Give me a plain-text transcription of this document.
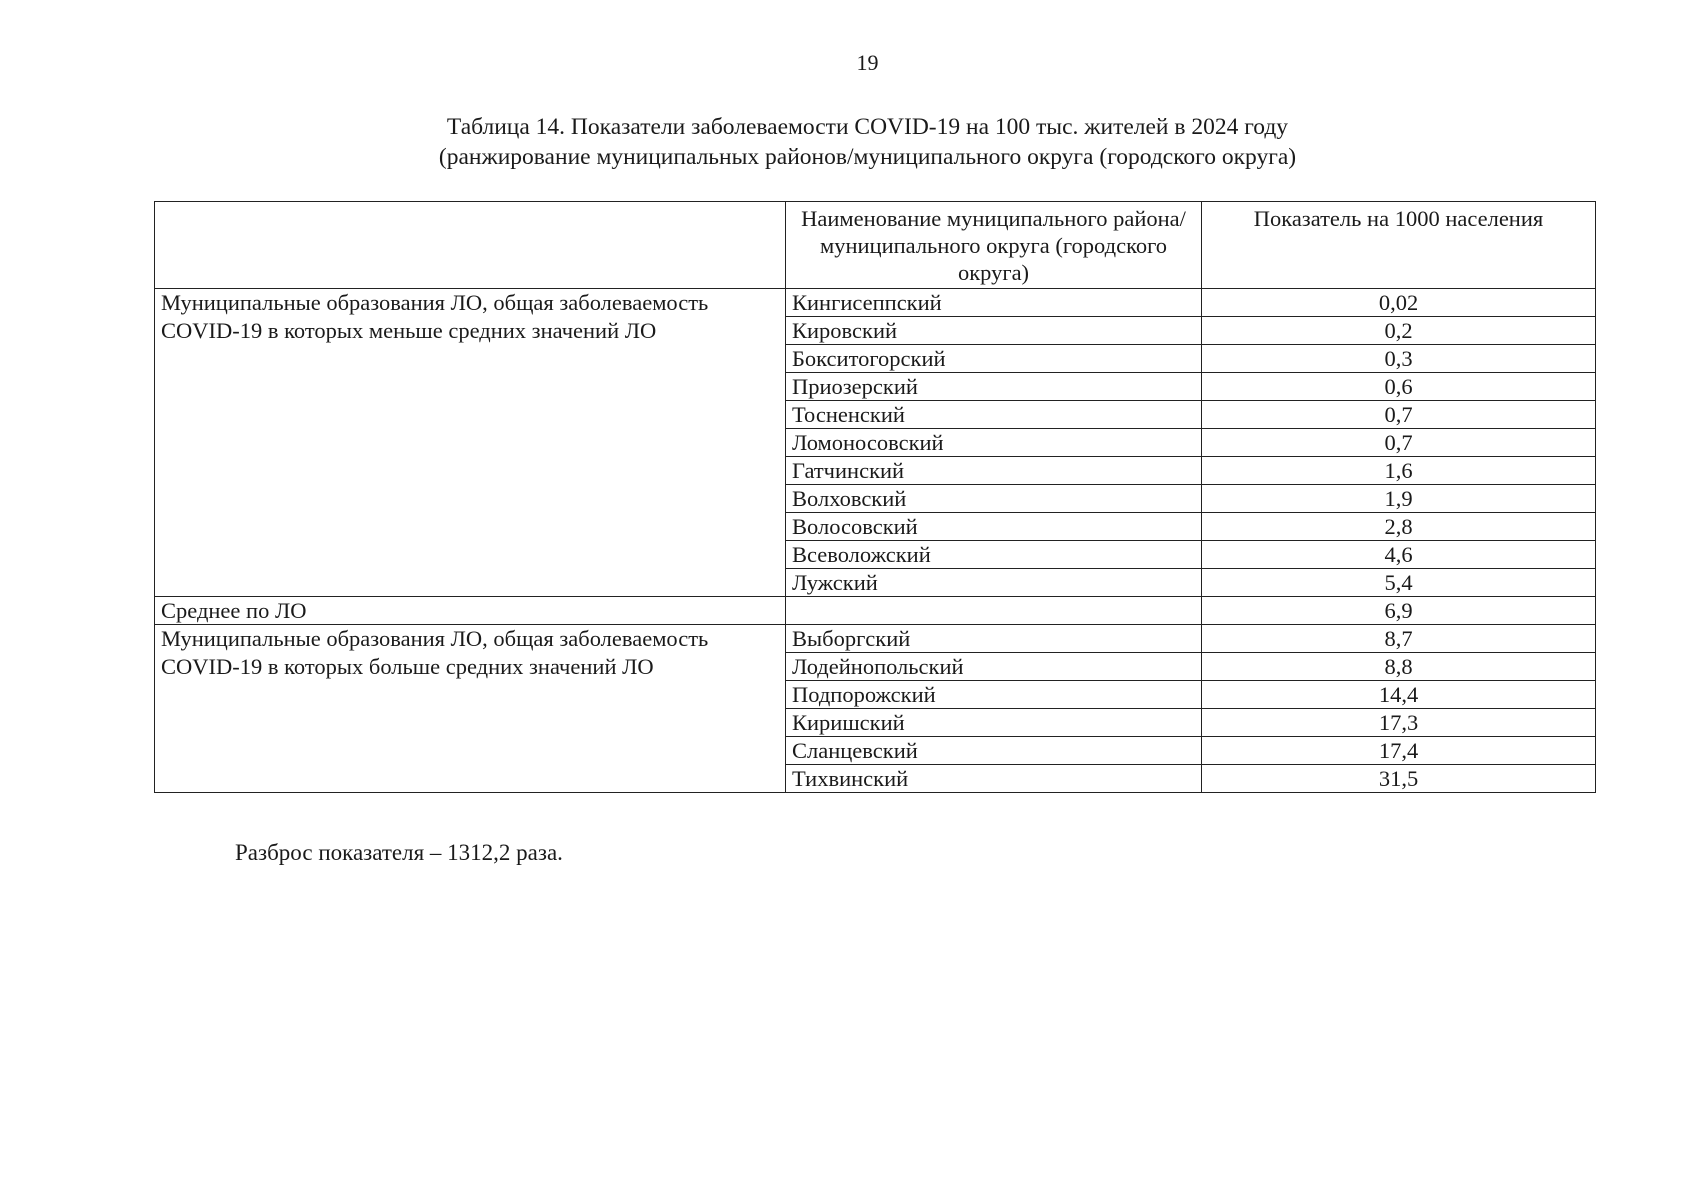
19
Таблица 14. Показатели заболеваемости COVID-19 на 100 тыс. жителей в 2024 году
(ранжирование муниципальных районов/муниципального округа (городского округа)
	Наименование муниципального района/муниципального округа (городского округа)	Показатель на 1000 населения
Муниципальные образования ЛО, общая заболеваемость COVID-19 в которых меньше средних значений ЛО	Кингисеппский	0,02
	Кировский	0,2
	Бокситогорский	0,3
	Приозерский	0,6
	Тосненский	0,7
	Ломоносовский	0,7
	Гатчинский	1,6
	Волховский	1,9
	Волосовский	2,8
	Всеволожский	4,6
	Лужский	5,4
Среднее по ЛО		6,9
Муниципальные образования ЛО, общая заболеваемость COVID-19 в которых больше средних значений ЛО	Выборгский	8,7
	Лодейнопольский	8,8
	Подпорожский	14,4
	Киришский	17,3
	Сланцевский	17,4
	Тихвинский	31,5
Разброс показателя – 1312,2 раза.
